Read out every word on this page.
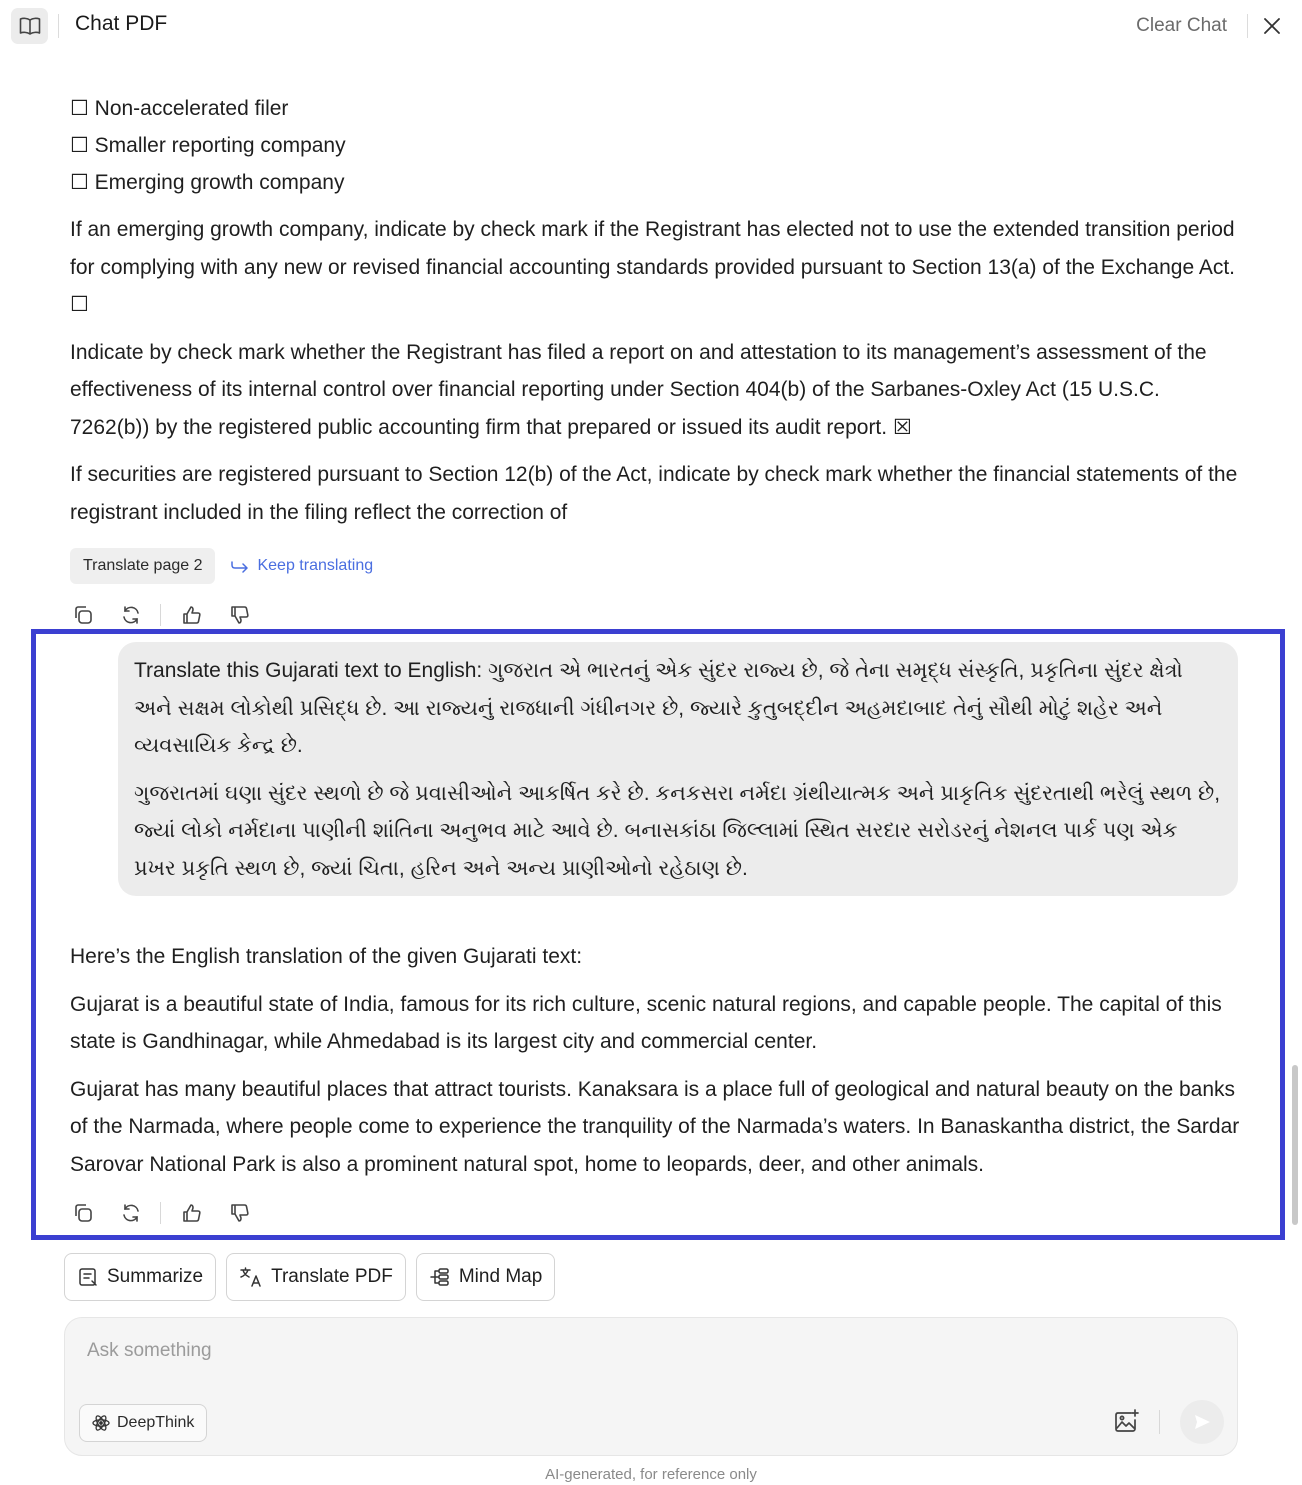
Chat PDF	Clear Chat
☐ Non-accelerated filer
☐ Smaller reporting company
☐ Emerging growth company

If an emerging growth company, indicate by check mark if the Registrant has elected not to use the extended transition period for complying with any new or revised financial accounting standards provided pursuant to Section 13(a) of the Exchange Act. ☐

Indicate by check mark whether the Registrant has filed a report on and attestation to its management’s assessment of the effectiveness of its internal control over financial reporting under Section 404(b) of the Sarbanes-Oxley Act (15 U.S.C. 7262(b)) by the registered public accounting firm that prepared or issued its audit report. ☒

If securities are registered pursuant to Section 12(b) of the Act, indicate by check mark whether the financial statements of the registrant included in the filing reflect the correction of

Translate page 2	Keep translating

Translate this Gujarati text to English: ગુજરાત એ ભારતનું એક સુંદર રાજ્ય છે, જે તેના સમૃદ્ધ સંસ્કૃતિ, પ્રકૃતિના સુંદર ક્ષેત્રો અને સક્ષમ લોકોથી પ્રસિદ્ધ છે. આ રાજ્યનું રાજધાની ગંધીનગર છે, જ્યારે કુતુબદ્દીન અહમદાબાદ તેનું સૌથી મોટું શહેર અને વ્યવસાયિક કેન્દ્ર છે.

ગુજરાતમાં ઘણા સુંદર સ્થળો છે જે પ્રવાસીઓને આકર્ષિત કરે છે. કનકસરા નર્મદા ગ્રંથીયાત્મક અને પ્રાકૃતિક સુંદરતાથી ભરેલું સ્થળ છે, જ્યાં લોકો નર્મદાના પાણીની શાંતિના અનુભવ માટે આવે છે. બનાસકાંઠા જિલ્લામાં સ્થિત સરદાર સરોડરનું નેશનલ પાર્ક પણ એક પ્રખર પ્રકૃતિ સ્થળ છે, જ્યાં ચિતા, હરિન અને અન્ય પ્રાણીઓનો રહેઠાણ છે.

Here’s the English translation of the given Gujarati text:

Gujarat is a beautiful state of India, famous for its rich culture, scenic natural regions, and capable people. The capital of this state is Gandhinagar, while Ahmedabad is its largest city and commercial center.

Gujarat has many beautiful places that attract tourists. Kanaksara is a place full of geological and natural beauty on the banks of the Narmada, where people come to experience the tranquility of the Narmada’s waters. In Banaskantha district, the Sardar Sarovar National Park is also a prominent natural spot, home to leopards, deer, and other animals.

Summarize	Translate PDF	Mind Map
Ask something
DeepThink
AI-generated, for reference only
